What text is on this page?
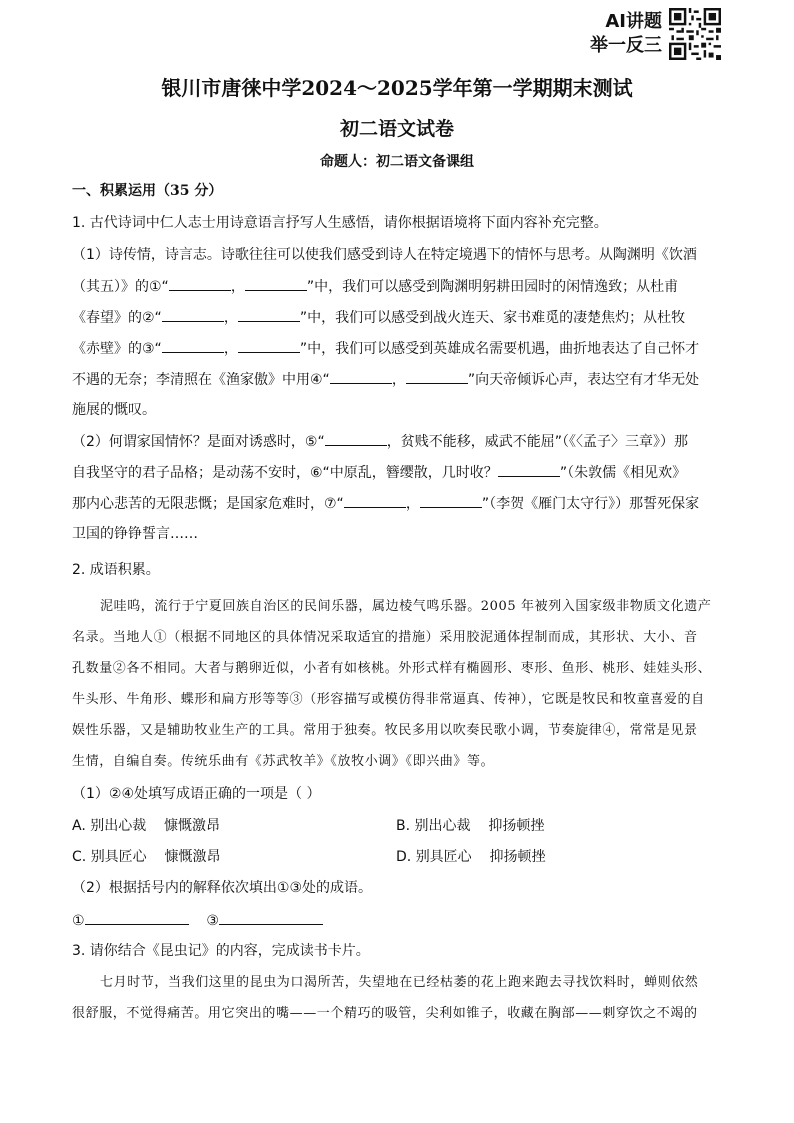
AI讲题
举一反三
银川市唐徕中学2024～2025学年第一学期期末测试
初二语文试卷
命题人：初二语文备课组
一、积累运用（35 分）
1. 古代诗词中仁人志士用诗意语言抒写人生感悟，请你根据语境将下面内容补充完整。
（1）诗传情，诗言志。诗歌往往可以使我们感受到诗人在特定境遇下的情怀与思考。从陶渊明《饮酒
（其五）》的①“	，	”中，我们可以感受到陶渊明躬耕田园时的闲情逸致；从杜甫
《春望》的②“	，	”中，我们可以感受到战火连天、家书难觅的凄楚焦灼；从杜牧
《赤壁》的③“	，	”中，我们可以感受到英雄成名需要机遇，曲折地表达了自己怀才
不遇的无奈；李清照在《渔家傲》中用④“	，	”向天帝倾诉心声，表达空有才华无处
施展的慨叹。
（2）何谓家国情怀？是面对诱惑时，⑤“	，贫贱不能移，威武不能屈”（《〈孟子〉三章》）那
自我坚守的君子品格；是动荡不安时，⑥“中原乱，簪缨散，几时收？	”（朱敦儒《相见欢》
那内心悲苦的无限悲慨；是国家危难时，⑦“	，	”（李贺《雁门太守行》）那誓死保家
卫国的铮铮誓言……
2. 成语积累。
泥哇呜，流行于宁夏回族自治区的民间乐器，属边棱气鸣乐器。2005 年被列入国家级非物质文化遗产
名录。当地人①（根据不同地区的具体情况采取适宜的措施）采用胶泥通体捏制而成，其形状、大小、音
孔数量②各不相同。大者与鹅卵近似，小者有如核桃。外形式样有椭圆形、枣形、鱼形、桃形、娃娃头形、
牛头形、牛角形、蝶形和扁方形等等③（形容描写或模仿得非常逼真、传神），它既是牧民和牧童喜爱的自
娱性乐器，又是辅助牧业生产的工具。常用于独奏。牧民多用以吹奏民歌小调，节奏旋律④，常常是见景
生情，自编自奏。传统乐曲有《苏武牧羊》《放牧小调》《即兴曲》等。
（1）②④处填写成语正确的一项是（ ）
A. 别出心裁 慷慨激昂	B. 别出心裁 抑扬顿挫
C. 别具匠心 慷慨激昂	D. 别具匠心 抑扬顿挫
（2）根据括号内的解释依次填出①③处的成语。
①	③
3. 请你结合《昆虫记》的内容，完成读书卡片。
七月时节，当我们这里的昆虫为口渴所苦，失望地在已经枯萎的花上跑来跑去寻找饮料时，蝉则依然
很舒服，不觉得痛苦。用它突出的嘴——一个精巧的吸管，尖利如锥子，收藏在胸部——刺穿饮之不竭的
